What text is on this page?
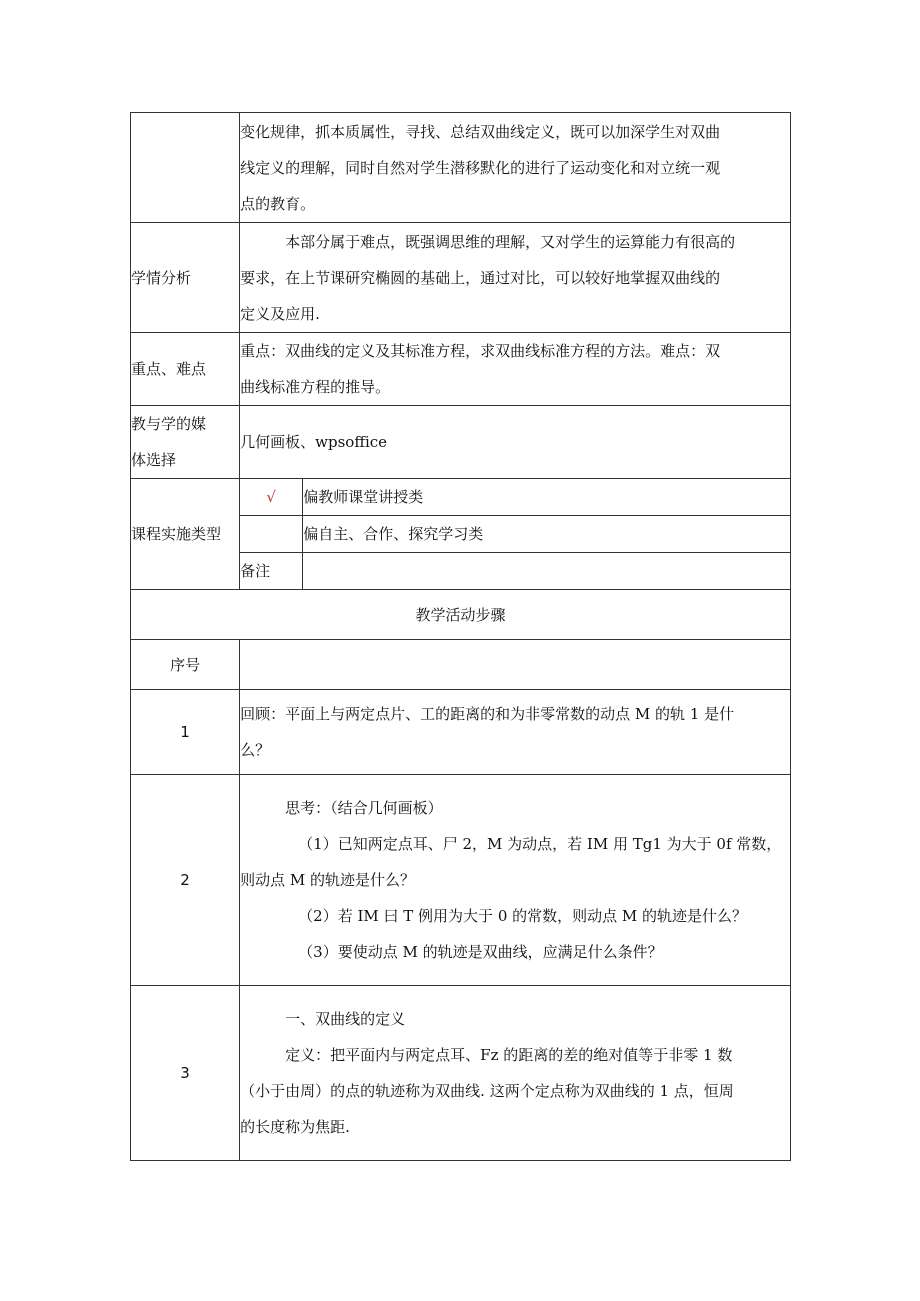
	变化规律，抓本质属性，寻找、总结双曲线定义，既可以加深学生对双曲

线定义的理解，同时自然对学生潜移默化的进行了运动变化和对立统一观

点的教育。	

学情分析	本部分属于难点，既强调思维的理解，又对学生的运算能力有很高的

要求，在上节课研究椭圆的基础上，通过对比，可以较好地掌握双曲线的

定义及应用.	

重点、难点	重点：双曲线的定义及其标准方程，求双曲线标准方程的方法。难点：双

曲线标准方程的推导。	

教与学的媒

体选择	几何画板、wpsoffice	
课程实施类型	√	偏教师课堂讲授类
		偏自主、合作、探究学习类
	备注	
教学活动步骤		
序号		
1	回顾：平面上与两定点片、工的距离的和为非零常数的动点 M 的轨 1 是什

么？	

2	思考：（结合几何画板）

（1）已知两定点耳、尸 2，M 为动点，若 IM 用 Tg1 为大于 0f 常数，

则动点 M 的轨迹是什么？

（2）若 IM 曰 T 例用为大于 0 的常数，则动点 M 的轨迹是什么？

（3）要使动点 M 的轨迹是双曲线，应满足什么条件？	

3	一、双曲线的定义

定义：把平面内与两定点耳、Fz 的距离的差的绝对值等于非零 1 数

（小于由周）的点的轨迹称为双曲线. 这两个定点称为双曲线的 1 点，恒周

的长度称为焦距.	
